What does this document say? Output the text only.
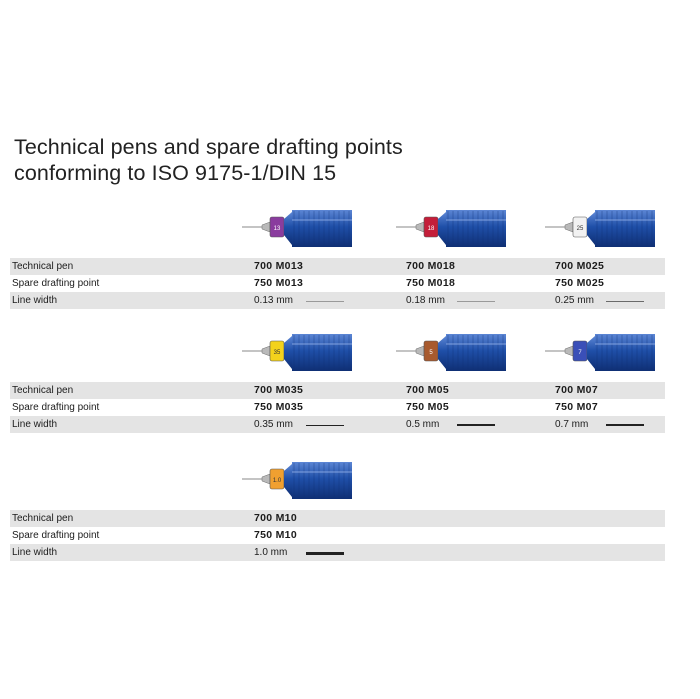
Technical pens and spare drafting points
conforming to ISO 9175-1/DIN 15
13	18	25
Technical pen	700 M013	700 M018	700 M025
Spare drafting point	750 M013	750 M018	750 M025
Line width	0.13 mm	0.18 mm	0.25 mm
35	5	7
Technical pen	700 M035	700 M05	700 M07
Spare drafting point	750 M035	750 M05	750 M07
Line width	0.35 mm	0.5 mm	0.7 mm
1.0
Technical pen	700 M10
Spare drafting point	750 M10
Line width	1.0 mm
